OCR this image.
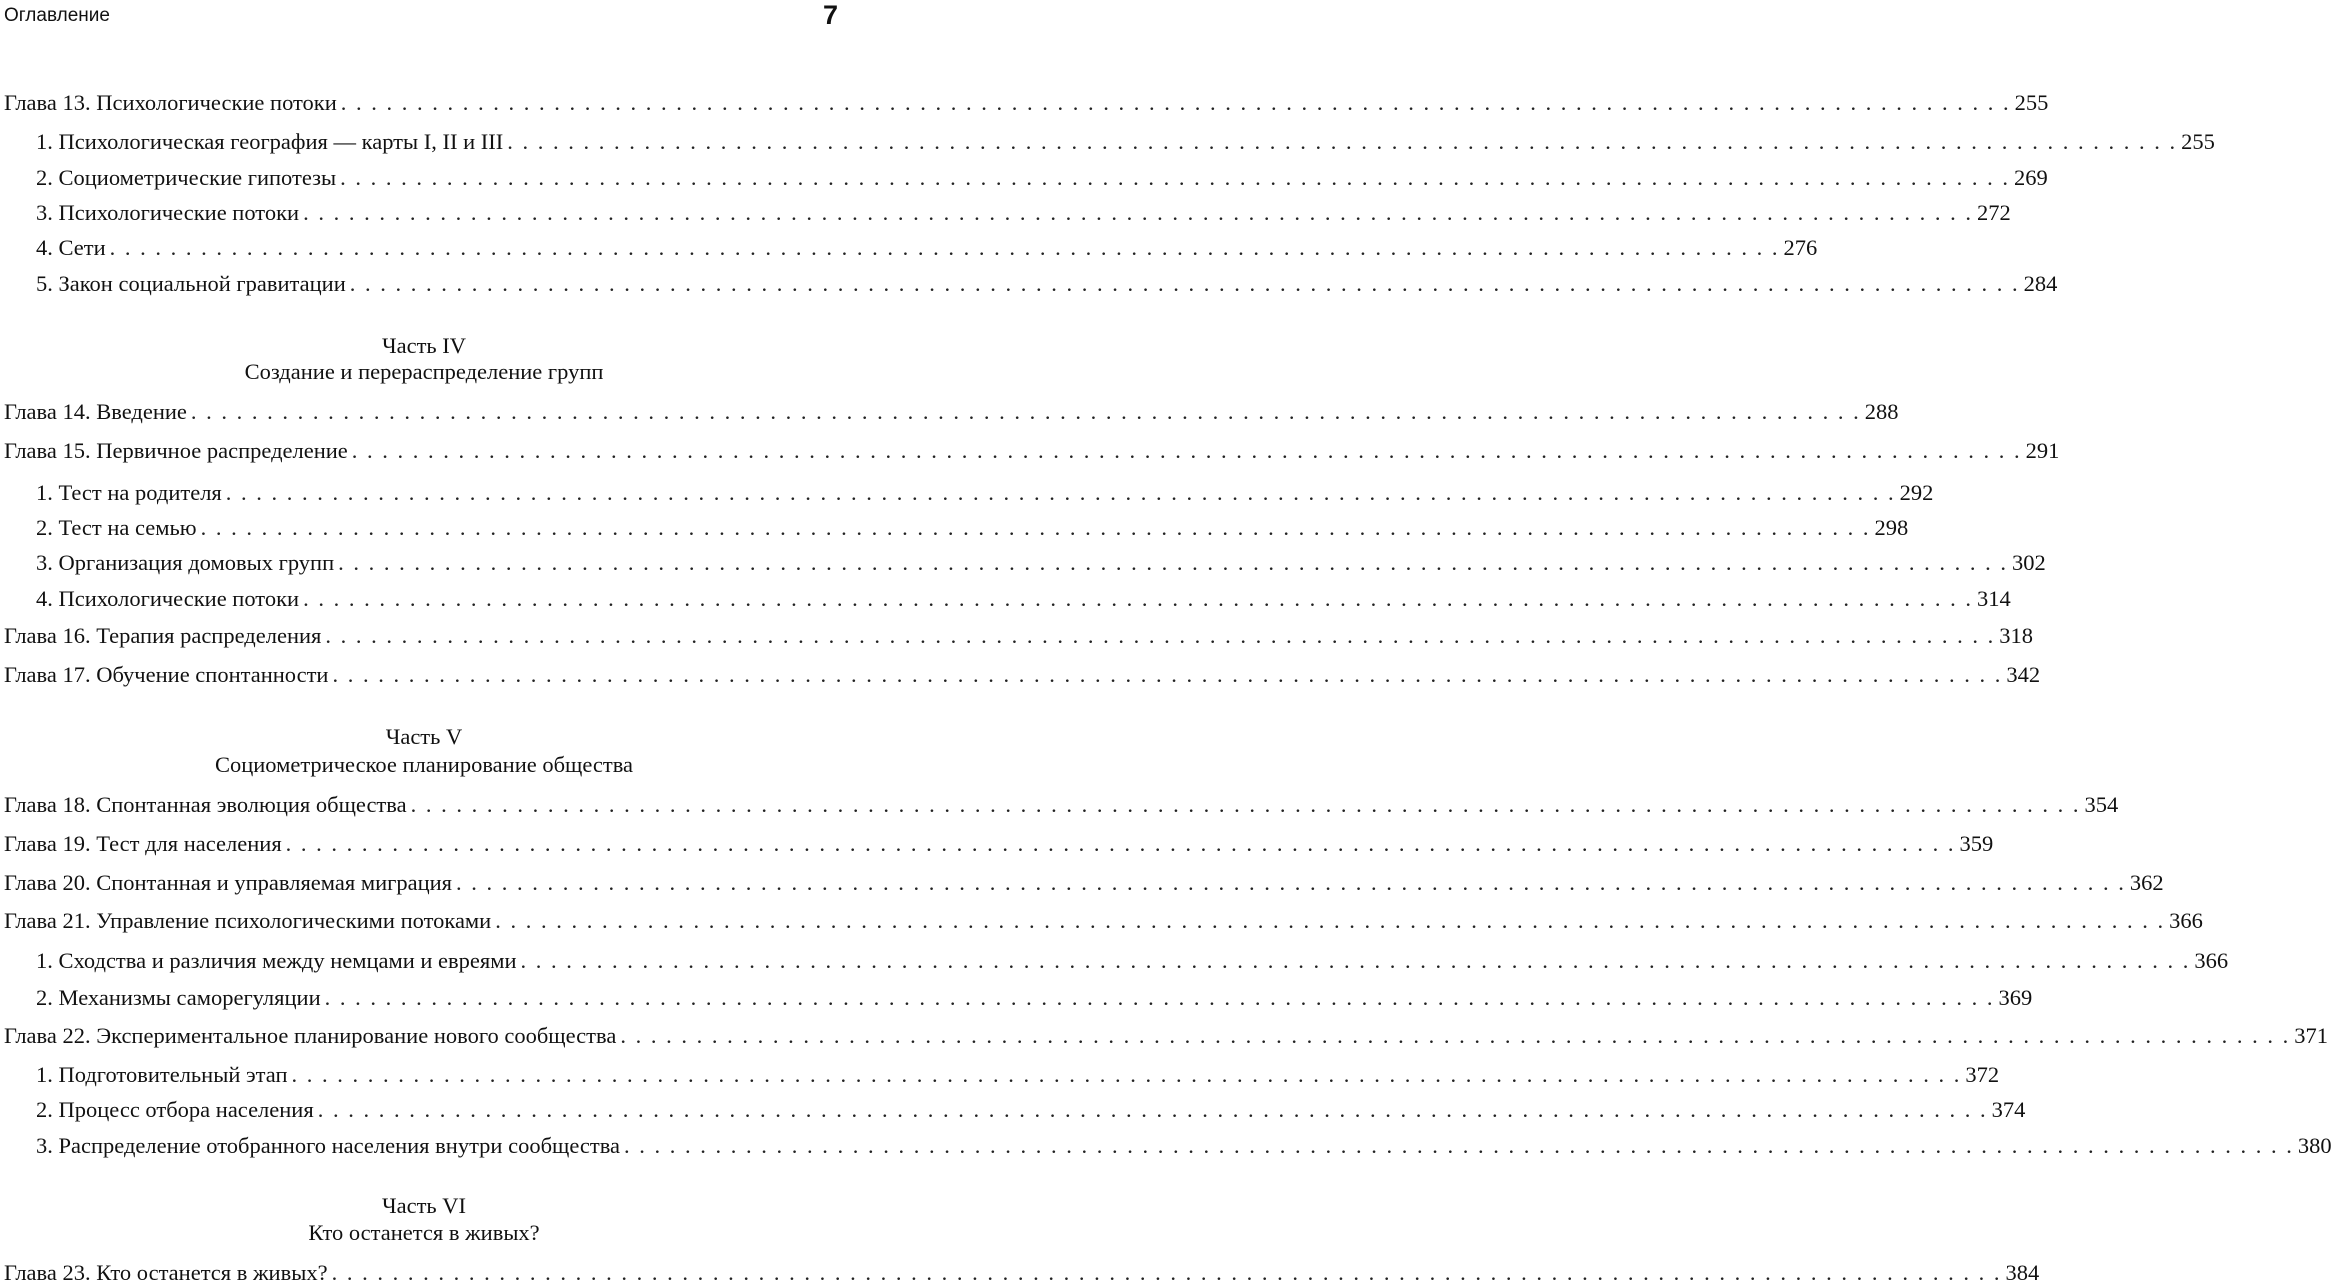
Оглавление	7
Глава 13. Психологические потоки . . .	255
1. Психологическая география — карты I, II и III . . .	255
2. Социометрические гипотезы . . .	269
3. Психологические потоки . . .	272
4. Сети . . .	276
5. Закон социальной гравитации . . .	284
Часть IV
Создание и перераспределение групп
Глава 14. Введение . . .	288
Глава 15. Первичное распределение . . .	291
1. Тест на родителя . . .	292
2. Тест на семью . . .	298
3. Организация домовых групп . . .	302
4. Психологические потоки . . .	314
Глава 16. Терапия распределения . . .	318
Глава 17. Обучение спонтанности . . .	342
Часть V
Социометрическое планирование общества
Глава 18. Спонтанная эволюция общества . . .	354
Глава 19. Тест для населения . . .	359
Глава 20. Спонтанная и управляемая миграция . . .	362
Глава 21. Управление психологическими потоками . . .	366
1. Сходства и различия между немцами и евреями . . .	366
2. Механизмы саморегуляции . . .	369
Глава 22. Экспериментальное планирование нового сообщества . . .	371
1. Подготовительный этап . . .	372
2. Процесс отбора населения . . .	374
3. Распределение отобранного населения внутри сообщества . . .	380
Часть VI
Кто останется в живых?
Глава 23. Кто останется в живых? . . .	384
